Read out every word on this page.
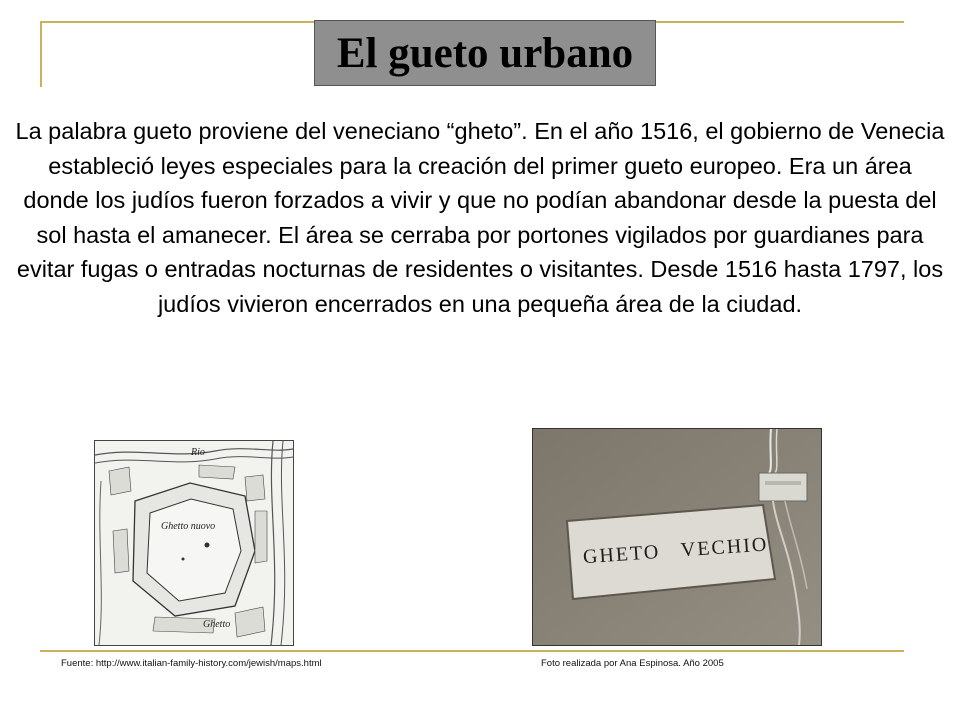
El gueto urbano

La palabra gueto proviene del veneciano “gheto”. En el año 1516, el gobierno de Venecia estableció leyes especiales para la creación del primer gueto europeo. Era un área donde los judíos fueron forzados a vivir y que no podían abandonar desde la puesta del sol hasta el amanecer. El área se cerraba por portones vigilados por guardianes para evitar fugas o entradas nocturnas de residentes o visitantes. Desde 1516 hasta 1797, los judíos vivieron encerrados en una pequeña área de la ciudad.

Rio
Ghetto nuovo
Ghetto
GHETO   VECHIO
Fuente: http://www.italian-family-history.com/jewish/maps.html	Foto realizada por Ana Espinosa. Año 2005
